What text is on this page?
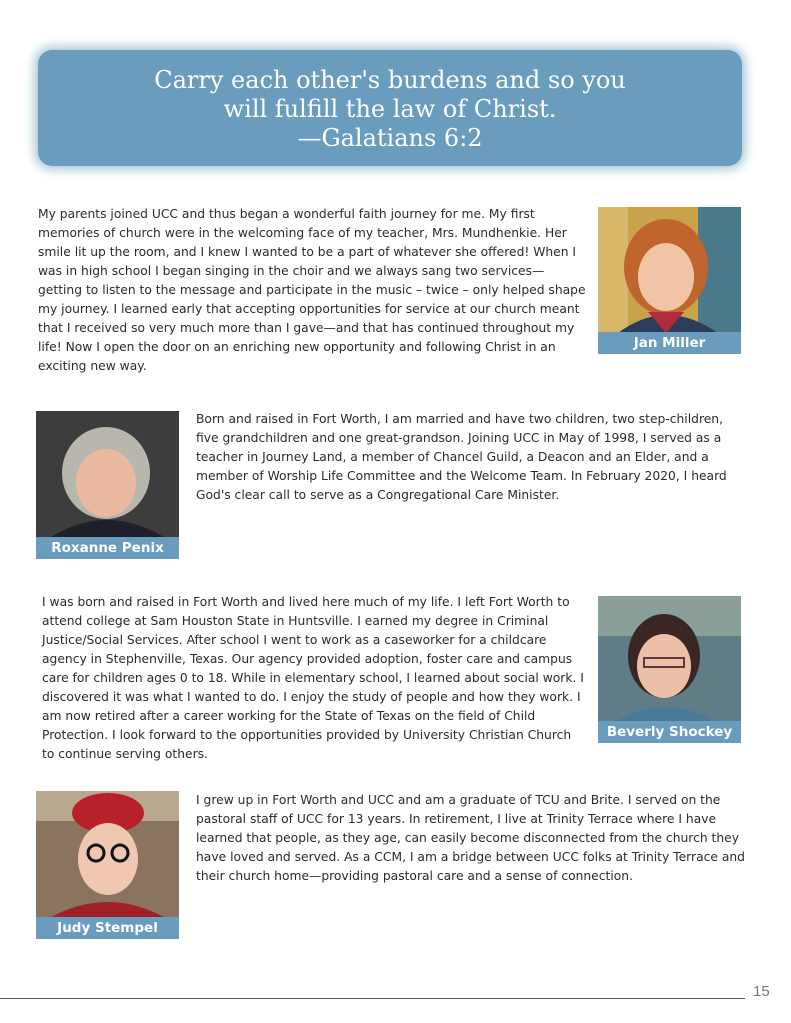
Carry each other's burdens and so you
will fulfill the law of Christ.
—Galatians 6:2

My parents joined UCC and thus began a wonderful faith journey for me. My first memories of church were in the welcoming face of my teacher, Mrs. Mundhenkie. Her smile lit up the room, and I knew I wanted to be a part of whatever she offered! When I was in high school I began singing in the choir and we always sang two services—getting to listen to the message and participate in the music – twice – only helped shape my journey. I learned early that accepting opportunities for service at our church meant that I received so very much more than I gave—and that has continued throughout my life! Now I open the door on an enriching new opportunity and following Christ in an exciting new way.

Jan Miller
Roxanne Penix

Born and raised in Fort Worth, I am married and have two children, two step-children, five grandchildren and one great-grandson. Joining UCC in May of 1998, I served as a teacher in Journey Land, a member of Chancel Guild, a Deacon and an Elder, and a member of Worship Life Committee and the Welcome Team. In February 2020, I heard God's clear call to serve as a Congregational Care Minister.

I was born and raised in Fort Worth and lived here much of my life. I left Fort Worth to attend college at Sam Houston State in Huntsville. I earned my degree in Criminal Justice/Social Services. After school I went to work as a caseworker for a childcare agency in Stephenville, Texas. Our agency provided adoption, foster care and campus care for children ages 0 to 18. While in elementary school, I learned about social work. I discovered it was what I wanted to do. I enjoy the study of people and how they work. I am now retired after a career working for the State of Texas on the field of Child Protection. I look forward to the opportunities provided by University Christian Church to continue serving others.

Beverly Shockey
Judy Stempel

I grew up in Fort Worth and UCC and am a graduate of TCU and Brite. I served on the pastoral staff of UCC for 13 years. In retirement, I live at Trinity Terrace where I have learned that people, as they age, can easily become disconnected from the church they have loved and served. As a CCM, I am a bridge between UCC folks at Trinity Terrace and their church home—providing pastoral care and a sense of connection.

15
